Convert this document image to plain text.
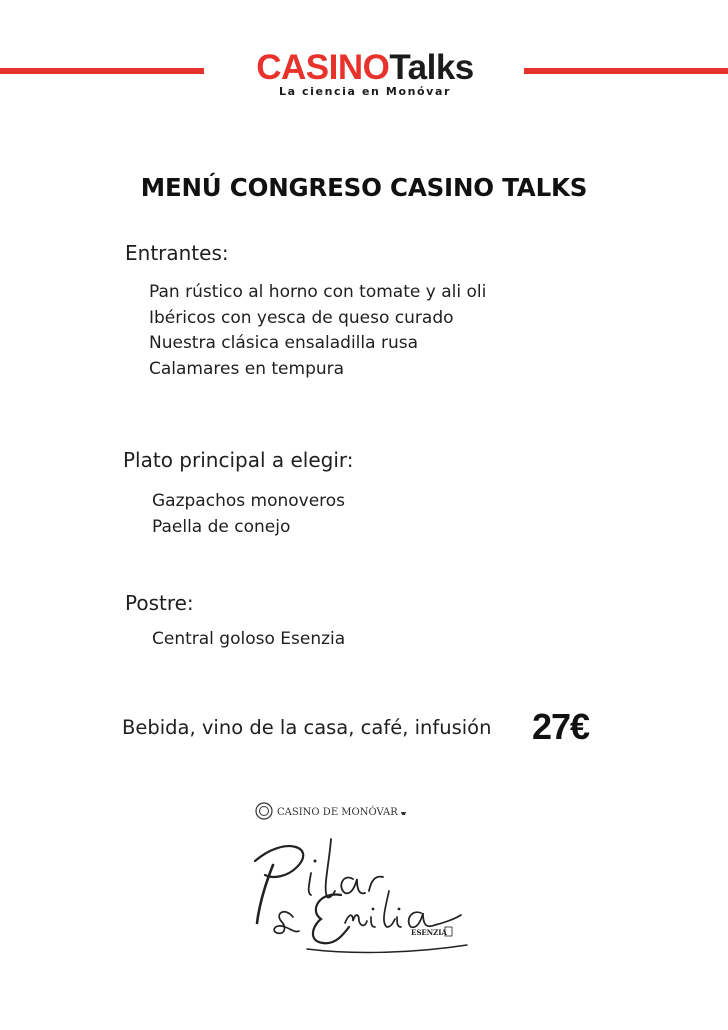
CASINOTalks
La ciencia en Monóvar
MENÚ CONGRESO CASINO TALKS
Entrantes:
Pan rústico al horno con tomate y ali oli
Ibéricos con yesca de queso curado
Nuestra clásica ensaladilla rusa
Calamares en tempura
Plato principal a elegir:
Gazpachos monoveros
Paella de conejo
Postre:
Central goloso Esenzia
Bebida, vino de la casa, café, infusión 27€
CASINO DE MONÓVAR
ESENZIA
